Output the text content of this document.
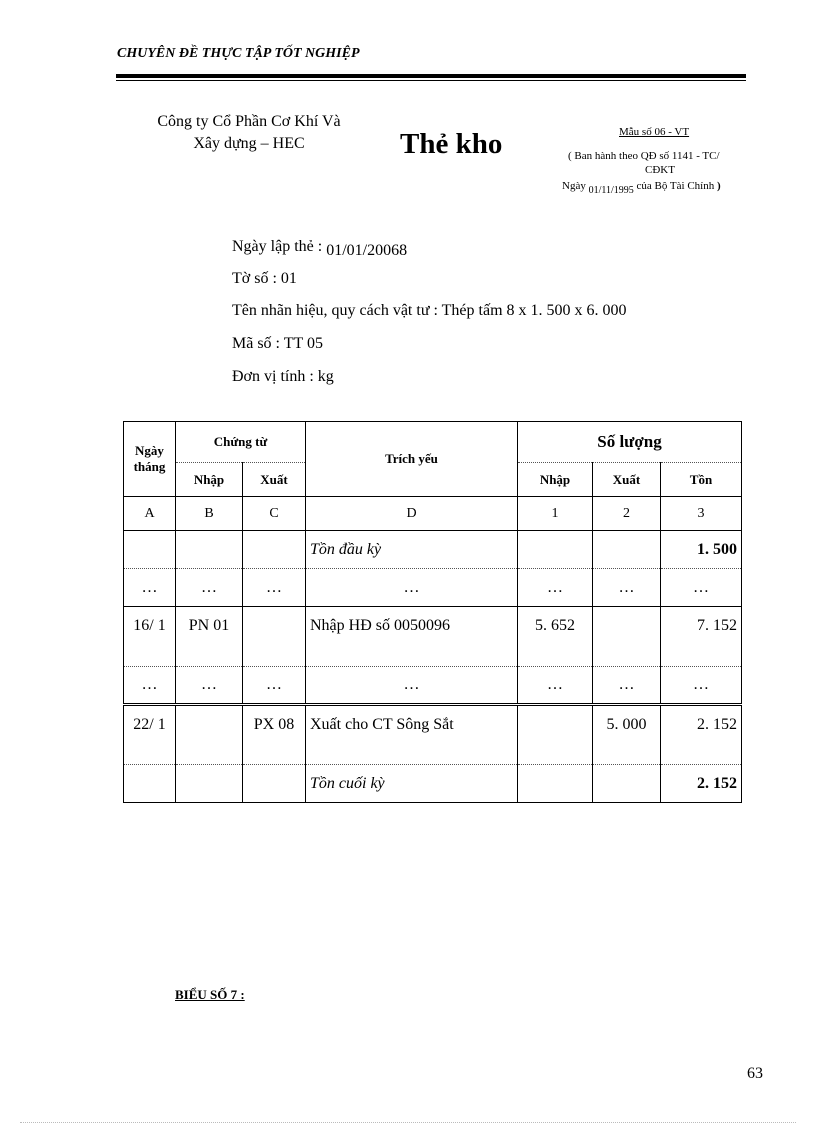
CHUYÊN ĐỀ THỰC TẬP TỐT NGHIỆP
Công ty Cổ Phần Cơ Khí Và
Xây dựng – HEC	Thẻ kho	Mẫu số 06 - VT
( Ban hành theo QĐ số 1141 - TC/
CĐKT
Ngày 01/11/1995 của Bộ Tài Chính )
Ngày lập thẻ : 01/01/20068
Tờ số : 01
Tên nhãn hiệu, quy cách vật tư : Thép tấm 8 x 1. 500 x 6. 000
Mã số : TT 05
Đơn vị tính : kg
Ngày tháng	Chứng từ		Trích yếu	Số lượng		
	Nhập	Xuất		Nhập	Xuất	Tồn
A	B	C	D	1	2	3
			Tồn đầu kỳ			1. 500
…	…	…	…	…	…	…
16/ 1	PN 01		Nhập HĐ số 0050096	5. 652		7. 152
…	…	…	…	…	…	…
22/ 1		PX 08	Xuất cho CT Sông Sắt		5. 000	2. 152
			Tồn cuối kỳ			2. 152
BIỂU SỐ 7 :
63
